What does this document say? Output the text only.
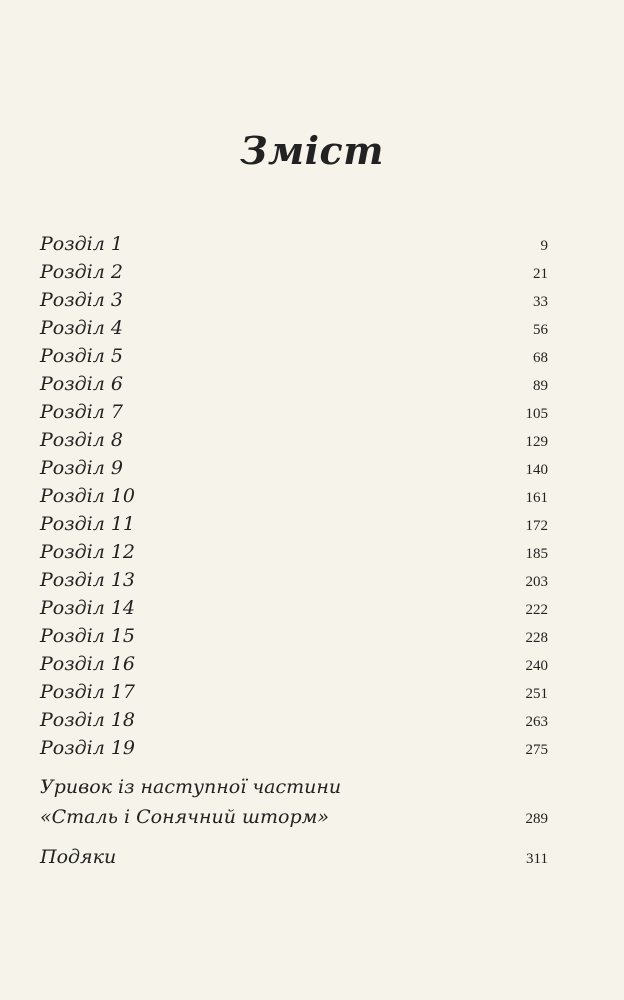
Зміст
Розділ 1	9
Розділ 2	21
Розділ 3	33
Розділ 4	56
Розділ 5	68
Розділ 6	89
Розділ 7	105
Розділ 8	129
Розділ 9	140
Розділ 10	161
Розділ 11	172
Розділ 12	185
Розділ 13	203
Розділ 14	222
Розділ 15	228
Розділ 16	240
Розділ 17	251
Розділ 18	263
Розділ 19	275
Уривок із наступної частини
«Сталь і Сонячний шторм»	289
Подяки	311
